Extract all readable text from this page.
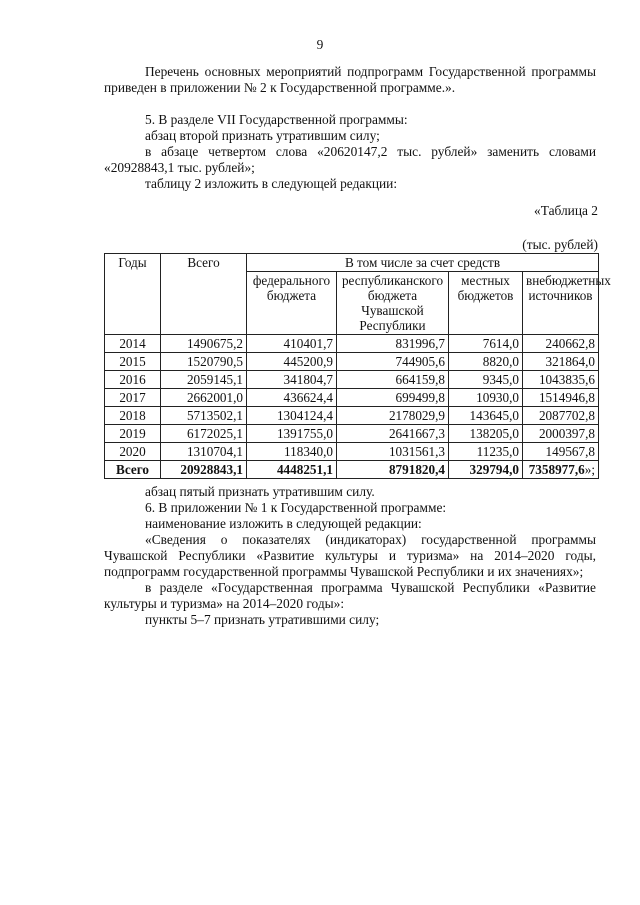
9

Перечень основных мероприятий подпрограмм Государственной программы приведен в приложении № 2 к Государственной программе.».

5. В разделе VII Государственной программы:

абзац второй признать утратившим силу;

в абзаце четвертом слова «20620147,2 тыс. рублей» заменить словами «20928843,1 тыс. рублей»;

таблицу 2 изложить в следующей редакции:

«Таблица 2
(тыс. рублей)
Годы	Всего	В том числе за счет средств			
		федерального бюджета	республиканского бюджета Чувашской Республики	местных бюджетов	внебюджетных источников
2014	1490675,2	410401,7	831996,7	7614,0	240662,8
2015	1520790,5	445200,9	744905,6	8820,0	321864,0
2016	2059145,1	341804,7	664159,8	9345,0	1043835,6
2017	2662001,0	436624,4	699499,8	10930,0	1514946,8
2018	5713502,1	1304124,4	2178029,9	143645,0	2087702,8
2019	6172025,1	1391755,0	2641667,3	138205,0	2000397,8
2020	1310704,1	118340,0	1031561,3	11235,0	149567,8
Всего	20928843,1	4448251,1	8791820,4	329794,0	7358977,6»;

абзац пятый признать утратившим силу.

6. В приложении № 1 к Государственной программе:

наименование изложить в следующей редакции:

«Сведения о показателях (индикаторах) государственной программы Чувашской Республики «Развитие культуры и туризма» на 2014–2020 годы, подпрограмм государственной программы Чувашской Республики и их значениях»;

в разделе «Государственная программа Чувашской Республики «Развитие культуры и туризма» на 2014–2020 годы»:

пункты 5–7 признать утратившими силу;
